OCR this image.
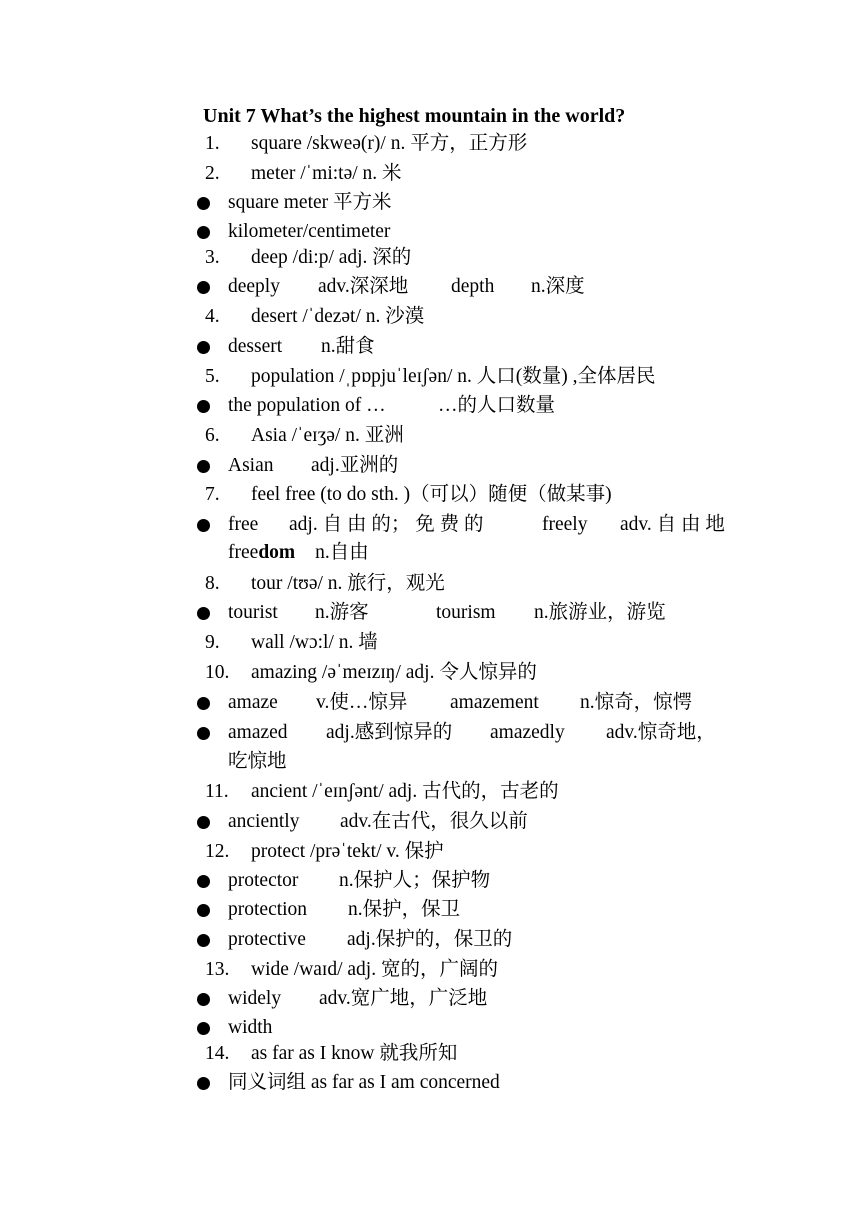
Unit 7 What’s the highest mountain in the world?
1. square /skweə(r)/ n. 平方，正方形
2. meter /ˈmi:tə/ n. 米
square meter 平方米
kilometer/centimeter
3. deep /di:p/ adj. 深的
deeply adv.深深地 depth n.深度
4. desert /ˈdezət/ n. 沙漠
dessert n.甜食
5. population /ˌpɒpjuˈleɪʃən/ n. 人口(数量) ,全体居民
the population of …	…的人口数量
6. Asia /ˈeɪʒə/ n. 亚洲
Asian adj.亚洲的
7. feel free (to do sth. )（可以）随便（做某事)
free adj. 自 由 的； 免 费 的	freely adv. 自 由 地
freedom n.自由
8. tour /tʊə/ n. 旅行，观光
tourist n.游客	tourism n.旅游业，游览
9. wall /wɔ:l/ n. 墙
10. amazing /əˈmeɪzɪŋ/ adj. 令人惊异的
amaze v.使…惊异 amazement n.惊奇，惊愕
amazed adj.感到惊异的 amazedly adv.惊奇地，
吃惊地
11. ancient /ˈeɪnʃənt/ adj. 古代的，古老的
anciently adv.在古代，很久以前
12. protect /prəˈtekt/ v. 保护
protector n.保护人；保护物
protection n.保护，保卫
protective adj.保护的，保卫的
13. wide /waɪd/ adj. 宽的，广阔的
widely adv.宽广地，广泛地
width
14. as far as I know 就我所知
同义词组 as far as I am concerned
